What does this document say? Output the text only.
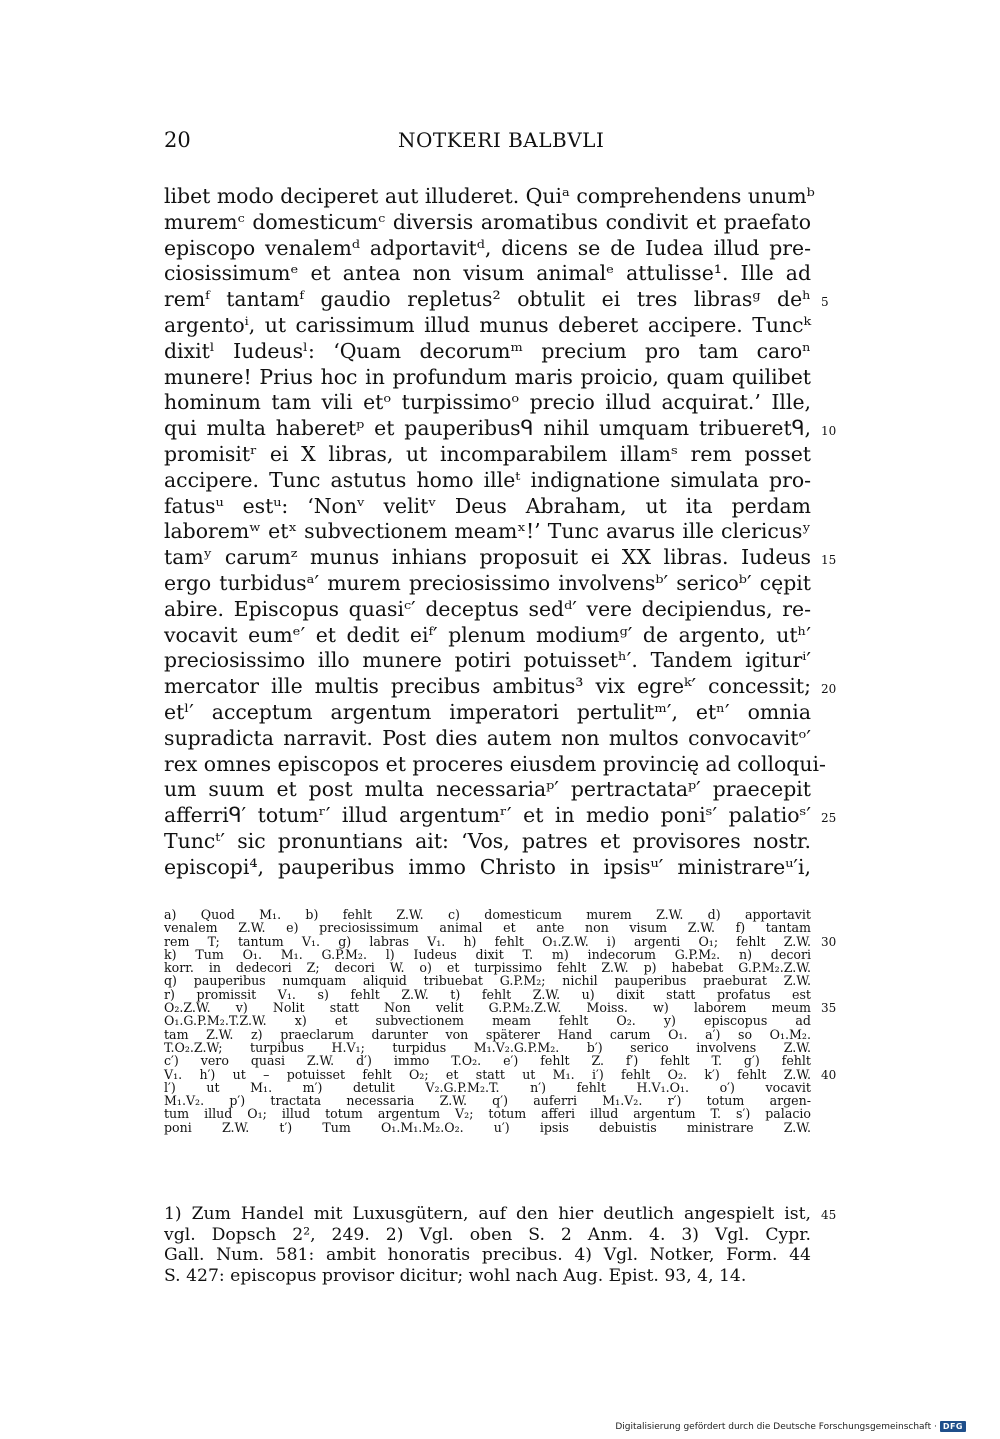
20	NOTKERI BALBVLI
libet modo deciperet aut illuderet. Quiᵃ comprehendens unumᵇ
muremᶜ domesticumᶜ diversis aromatibus condivit et praefato
episcopo venalemᵈ adportavitᵈ, dicens se de Iudea illud pre-
ciosissimumᵉ et antea non visum animalᵉ attulisse¹. Ille ad
remᶠ tantamᶠ gaudio repletus² obtulit ei tres librasᵍ deʰ
argentoⁱ, ut carissimum illud munus deberet accipere. Tuncᵏ
dixitˡ Iudeusˡ: ‘Quam decorumᵐ precium pro tam caroⁿ
munere! Prius hoc in profundum maris proicio, quam quilibet
hominum tam vili etᵒ turpissimoᵒ precio illud acquirat.’ Ille,
qui multa haberetᵖ et pauperibusᑫ nihil umquam tribueretᑫ,
promisitʳ ei X libras, ut incomparabilem illamˢ rem posset
accipere. Tunc astutus homo illeᵗ indignatione simulata pro-
fatusᵘ estᵘ: ‘Nonᵛ velitᵛ Deus Abraham, ut ita perdam
laboremʷ etˣ subvectionem meamˣ!’ Tunc avarus ille clericusʸ
tamʸ carumᶻ munus inhians proposuit ei XX libras. Iudeus
ergo turbidusᵃ′ murem preciosissimo involvensᵇ′ sericoᵇ′ cępit
abire. Episcopus quasiᶜ′ deceptus sedᵈ′ vere decipiendus, re-
vocavit eumᵉ′ et dedit eiᶠ′ plenum modiumᵍ′ de argento, utʰ′
preciosissimo illo munere potiri potuissetʰ′. Tandem igiturⁱ′
mercator ille multis precibus ambitus³ vix egreᵏ′ concessit;
etˡ′ acceptum argentum imperatori pertulitᵐ′, etⁿ′ omnia
supradicta narravit. Post dies autem non multos convocavitᵒ′
rex omnes episcopos et proceres eiusdem provincię ad colloqui-
um suum et post multa necessariaᵖ′ pertractataᵖ′ praecepit
afferriᑫ′ totumʳ′ illud argentumʳ′ et in medio poniˢ′ palatioˢ′
Tuncᵗ′ sic pronuntians ait: ‘Vos, patres et provisores nostr.
episcopi⁴, pauperibus immo Christo in ipsisᵘ′ ministrareᵘ′i,
5
10
15
20
25
a) Quod M₁. b) fehlt Z.W. c) domesticum murem Z.W. d) apportavit
venalem Z.W. e) preciosissimum animal et ante non visum Z.W. f) tantam
rem T; tantum V₁. g) labras V₁. h) fehlt O₁.Z.W. i) argenti O₁; fehlt Z.W.
k) Tum O₁. M₁. G.P.M₂. l) Iudeus dixit T. m) indecorum G.P.M₂. n) decori
korr. in dedecori Z; decori W. o) et turpissimo fehlt Z.W. p) habebat G.P.M₂.Z.W.
q) pauperibus numquam aliquid tribuebat G.P.M₂; nichil pauperibus praeburat Z.W.
r) promissit V₁. s) fehlt Z.W. t) fehlt Z.W. u) dixit statt profatus est
O₂.Z.W. v) Nolit statt Non velit G.P.M₂.Z.W. Moiss. w) laborem meum
O₁.G.P.M₂.T.Z.W. x) et subvectionem meam fehlt O₂. y) episcopus ad
tam Z.W. z) praeclarum darunter von späterer Hand carum O₁. a′) so O₁.M₂.
T.O₂.Z.W; turpibus H.V₁; turpidus M₁.V₂.G.P.M₂. b′) serico involvens Z.W.
c′) vero quasi Z.W. d′) immo T.O₂. e′) fehlt Z. f′) fehlt T. g′) fehlt
V₁. h′) ut – potuisset fehlt O₂; et statt ut M₁. i′) fehlt O₂. k′) fehlt Z.W.
l′) ut M₁. m′) detulit V₂.G.P.M₂.T. n′) fehlt H.V₁.O₁. o′) vocavit
M₁.V₂. p′) tractata necessaria Z.W. q′) auferri M₁.V₂. r′) totum argen-
tum illud O₁; illud totum argentum V₂; totum afferi illud argentum T. s′) palacio
poni Z.W. t′) Tum O₁.M₁.M₂.O₂. u′) ipsis debuistis ministrare Z.W.
30
35
40
1) Zum Handel mit Luxusgütern, auf den hier deutlich angespielt ist,
vgl. Dopsch 2², 249. 2) Vgl. oben S. 2 Anm. 4. 3) Vgl. Cypr.
Gall. Num. 581: ambit honoratis precibus. 4) Vgl. Notker, Form. 44
S. 427: episcopus provisor dicitur; wohl nach Aug. Epist. 93, 4, 14.
45
Digitalisierung gefördert durch die Deutsche Forschungsgemeinschaft · DFG
